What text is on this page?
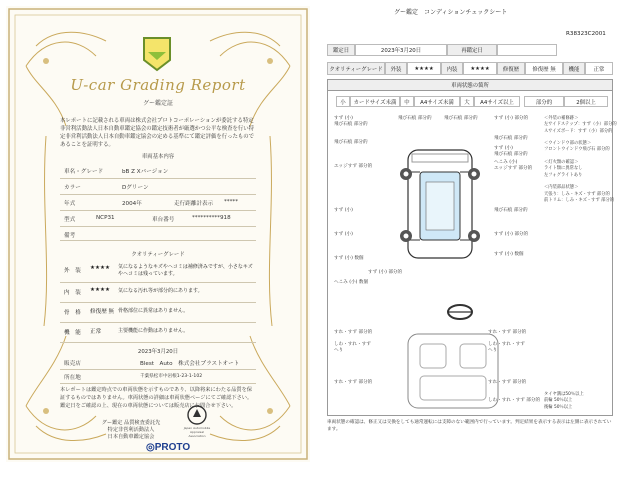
U-car Grading Report
グー鑑定証
本レポートに記載される車両は株式会社プロトコーポレーションが委託する特定非営利活動法人日本自動車鑑定協会の鑑定技術者が厳選かつ公平な検査を行い特定非営利活動法人日本自動車鑑定協会の定める基準にて鑑定評価を行ったものであることを証明する。
車両基本内容
車名・グレード	bB Z Xバージョン
カラー	Dグリーン
年式	2004年	走行距離計表示 *****
型式	NCP31	車台番号	**********918
備考
クオリティーグレード
外　装 ★★★★ 気になるようなキズやヘコミは補修済みですが、小さなキズやヘコミは残っています。
内　装 ★★★★ 気になる汚れ等が部分的にあります。
骨　格 修復歴 無 骨格部位に異常はありません。
機　能 正常	主要機能に作動はありません。
2023年3月20日
販売店	Blest　Auto　株式会社プラストオート
所在地	千葉県松市中岩根1-23-1-102
本レポートは鑑定時点での車両状態を示すものであり、以降将来にわたる品質を保証するものではありません。車両状態の詳細は車両状態ページにてご確認下さい。鑑定日をご確認の上、現在の車両状態については販売店にお問合せ下さい。
グー鑑定 品質検査委託先
特定非営利活動法人
日本自動車鑑定協会
Japan Automobile Appraisal Association
◎PROTO
グー鑑定　コンディションチェックシート
R38323C2001
鑑定日	2023年3月20日	再鑑定日
クオリティーグレード	外装	★★★★	内装	★★★★	修復歴	修復歴 無	機能	正常
車両状態の箇所
小	カードサイズ未満	中	A4サイズ未満	大	A4サイズ以上	部分的	2個以上
すず (小)
飛び石痕 部分的
飛び石痕 部分的	飛び石痕 部分的	すず (小) 部分的
飛び石痕 部分的
飛び石痕 部分的
すず (小)
飛び石痕 部分的
エッジすず 部分的
へこみ (小)
エッジすず 部分的
すず (小)	飛び石痕 部分的
すず (小)	すず (小) 部分的
すず (小) 数個
すず (小) 数個
すず (小) 部分的
へこみ (小) 数個
すれ・すず 部分的
しわ・すれ・すず
へり
すれ・すず 部分的
しわ・すれ・すず
へり
すれ・すず 部分的	すれ・すず 部分的
しわ・すれ・すず 部分的
＜外装の補修跡＞
左サイドステップ：すず（小）部分的
Ａサイズボード：すず（小）部分的

＜ウインドウ部の状態＞
フロントウインドウ飛び石 部分的

＜灯火類の確認＞
ライト類に異常なし
左フォグライトあり

＜内装部品状態＞
天張り：しみ・キズ・すず 部分的
前トリム：しみ・キズ・すず 部分的
タイヤ溝は50％以上
前輪 50％以上
後輪 50％以上
車両状態の確認は、修正又は交換をしても通常運転には支障のない範囲内で行っています。判定結果を表示する表示は左側に表示されています。
